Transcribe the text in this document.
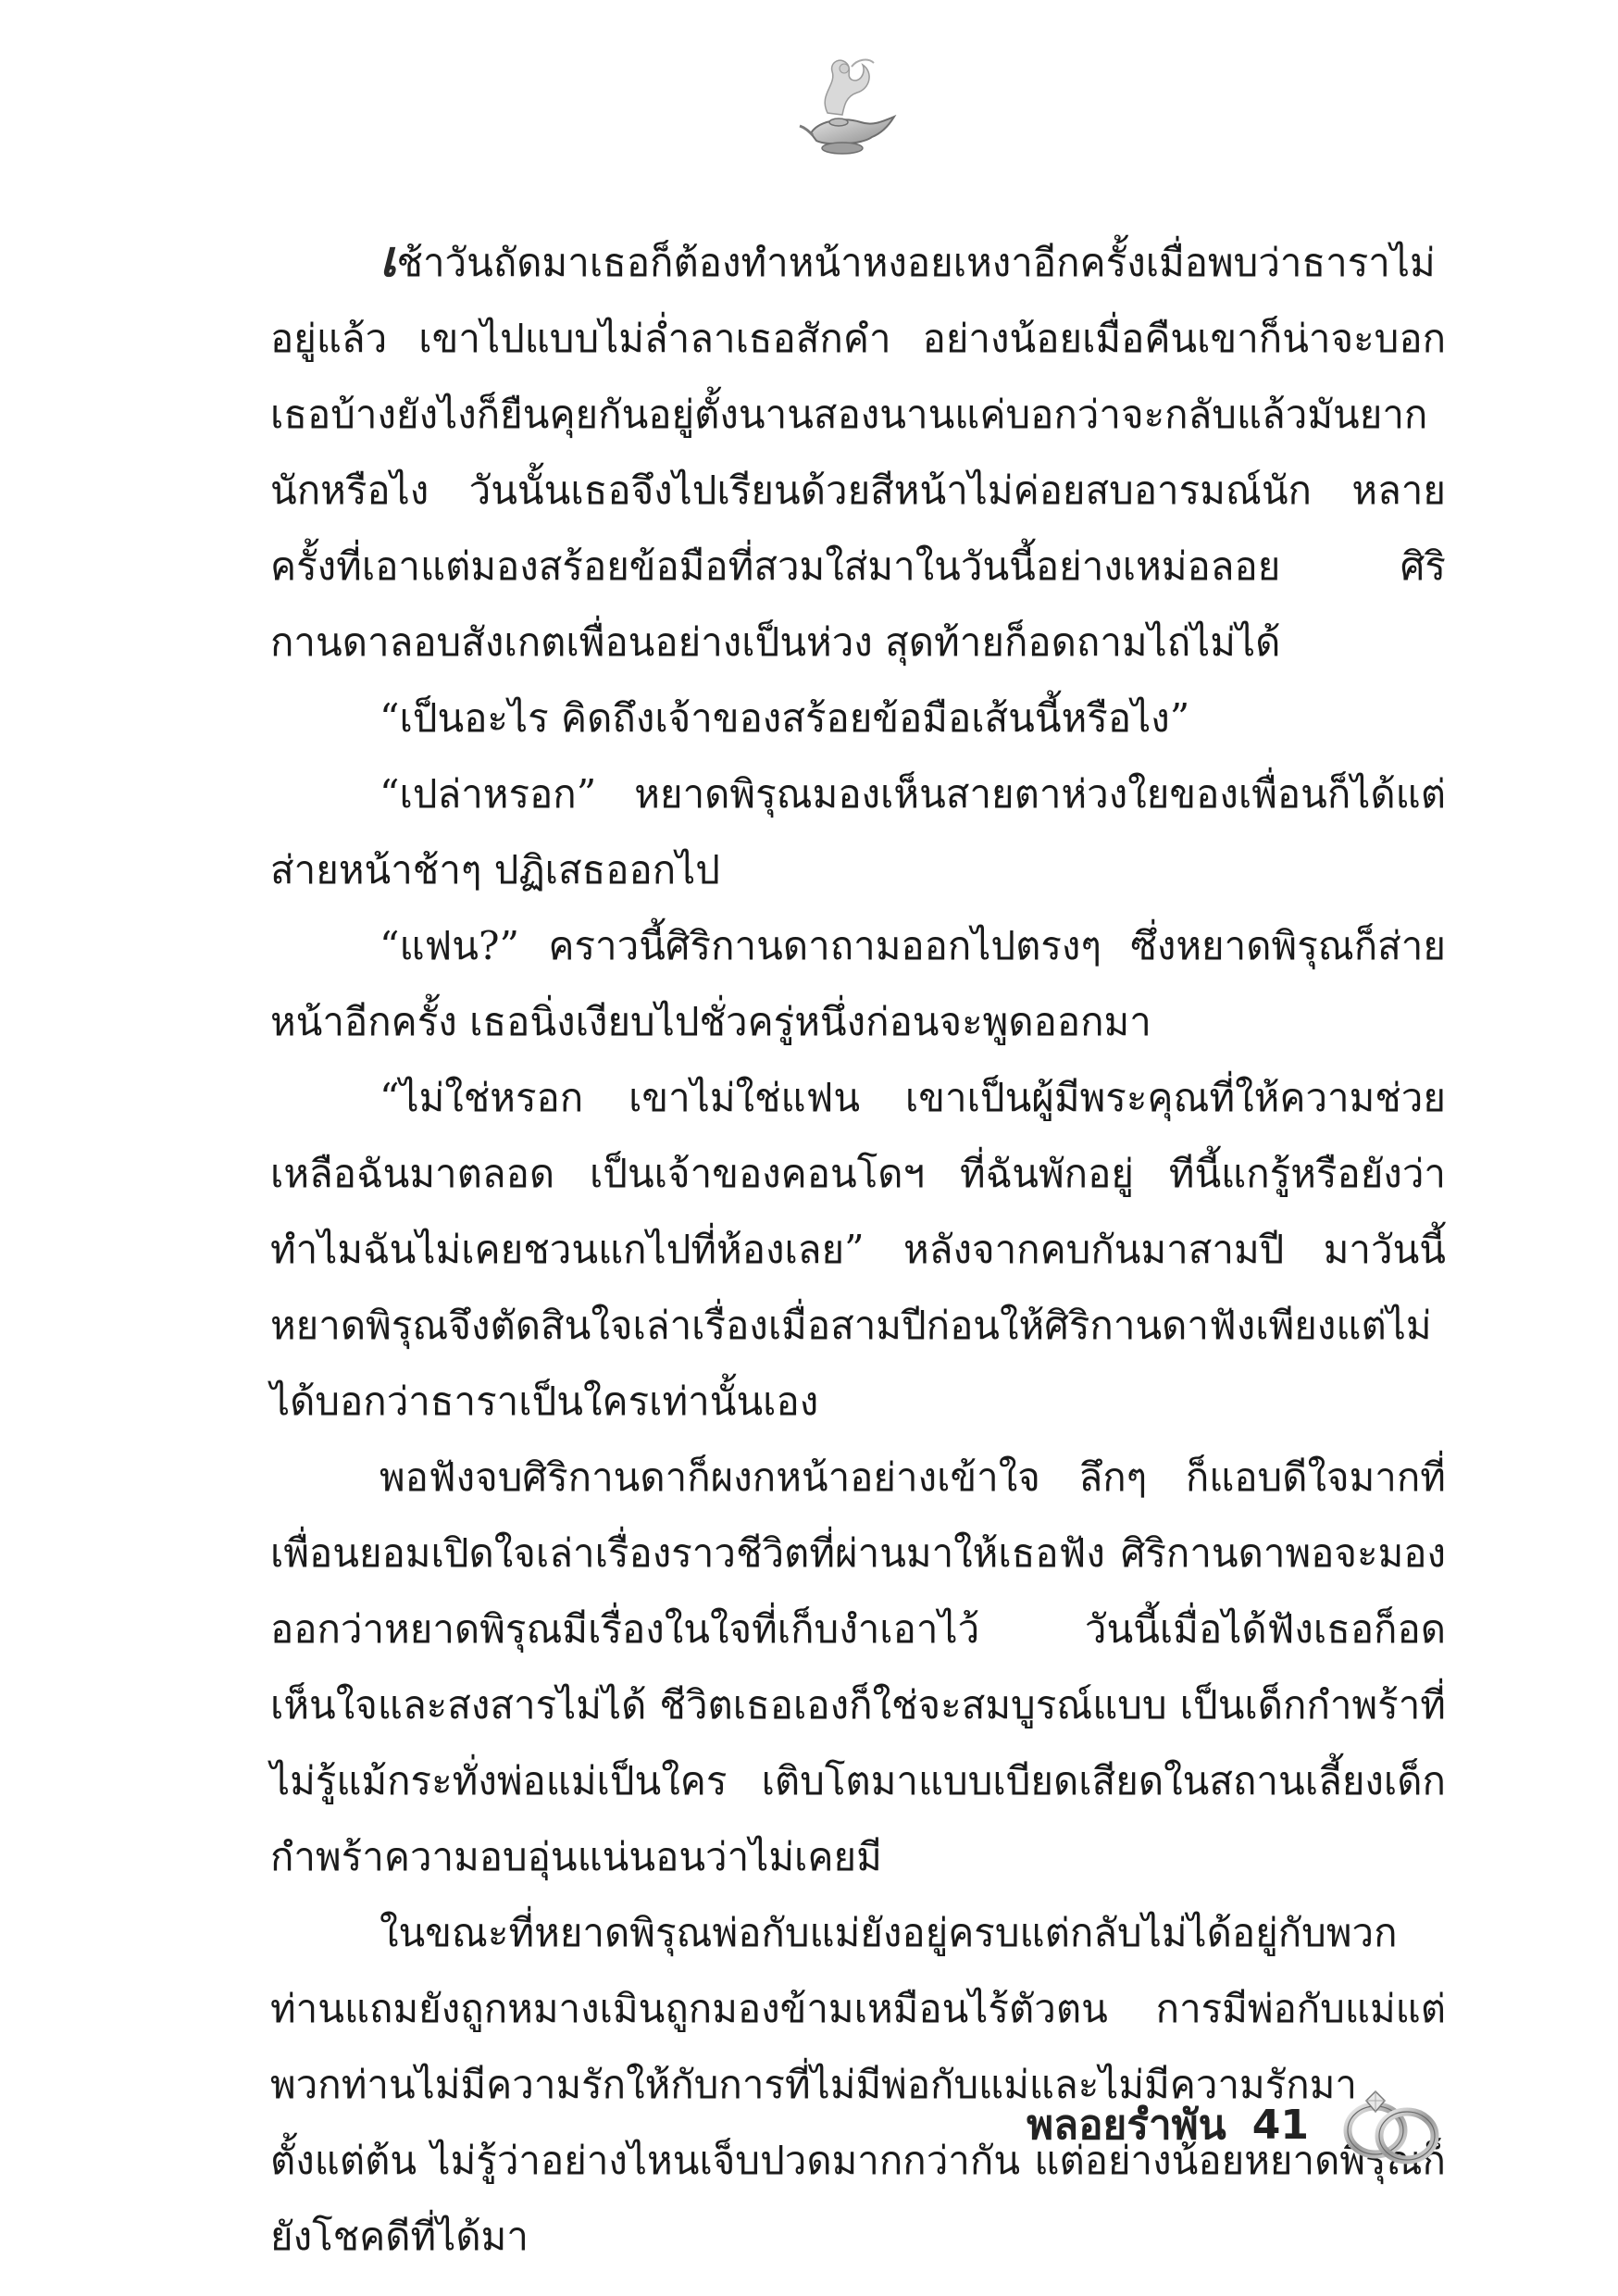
เช้าวันถัดมาเธอก็ต้องทำหน้าหงอยเหงาอีกครั้งเมื่อพบว่าธาราไม่อยู่แล้ว เขาไปแบบไม่ล่ำลาเธอสักคำ อย่างน้อยเมื่อคืนเขาก็น่าจะบอกเธอบ้างยังไงก็ยืนคุยกันอยู่ตั้งนานสองนานแค่บอกว่าจะกลับแล้วมันยากนักหรือไง วันนั้นเธอจึงไปเรียนด้วยสีหน้าไม่ค่อยสบอารมณ์นัก หลายครั้งที่เอาแต่มองสร้อยข้อมือที่สวมใส่มาในวันนี้อย่างเหม่อลอย ศิริกานดาลอบสังเกตเพื่อนอย่างเป็นห่วง สุดท้ายก็อดถามไถ่ไม่ได้

“เป็นอะไร คิดถึงเจ้าของสร้อยข้อมือเส้นนี้หรือไง”

“เปล่าหรอก” หยาดพิรุณมองเห็นสายตาห่วงใยของเพื่อนก็ได้แต่ส่ายหน้าช้าๆ ปฏิเสธออกไป

“แฟน?” คราวนี้ศิริกานดาถามออกไปตรงๆ ซึ่งหยาดพิรุณก็ส่ายหน้าอีกครั้ง เธอนิ่งเงียบไปชั่วครู่หนึ่งก่อนจะพูดออกมา

“ไม่ใช่หรอก เขาไม่ใช่แฟน เขาเป็นผู้มีพระคุณที่ให้ความช่วยเหลือฉันมาตลอด เป็นเจ้าของคอนโดฯ ที่ฉันพักอยู่ ทีนี้แกรู้หรือยังว่าทำไมฉันไม่เคยชวนแกไปที่ห้องเลย” หลังจากคบกันมาสามปี มาวันนี้หยาดพิรุณจึงตัดสินใจเล่าเรื่องเมื่อสามปีก่อนให้ศิริกานดาฟังเพียงแต่ไม่ได้บอกว่าธาราเป็นใครเท่านั้นเอง

พอฟังจบศิริกานดาก็ผงกหน้าอย่างเข้าใจ ลึกๆ ก็แอบดีใจมากที่เพื่อนยอมเปิดใจเล่าเรื่องราวชีวิตที่ผ่านมาให้เธอฟัง ศิริกานดาพอจะมองออกว่าหยาดพิรุณมีเรื่องในใจที่เก็บงำเอาไว้ วันนี้เมื่อได้ฟังเธอก็อดเห็นใจและสงสารไม่ได้ ชีวิตเธอเองก็ใช่จะสมบูรณ์แบบ เป็นเด็กกำพร้าที่ไม่รู้แม้กระทั่งพ่อแม่เป็นใคร เติบโตมาแบบเบียดเสียดในสถานเลี้ยงเด็กกำพร้าความอบอุ่นแน่นอนว่าไม่เคยมี

ในขณะที่หยาดพิรุณพ่อกับแม่ยังอยู่ครบแต่กลับไม่ได้อยู่กับพวกท่านแถมยังถูกหมางเมินถูกมองข้ามเหมือนไร้ตัวตน การมีพ่อกับแม่แต่พวกท่านไม่มีความรักให้กับการที่ไม่มีพ่อกับแม่และไม่มีความรักมาตั้งแต่ต้น ไม่รู้ว่าอย่างไหนเจ็บปวดมากกว่ากัน แต่อย่างน้อยหยาดพิรุณก็ยังโชคดีที่ได้มา

พลอยรำพัน 41
